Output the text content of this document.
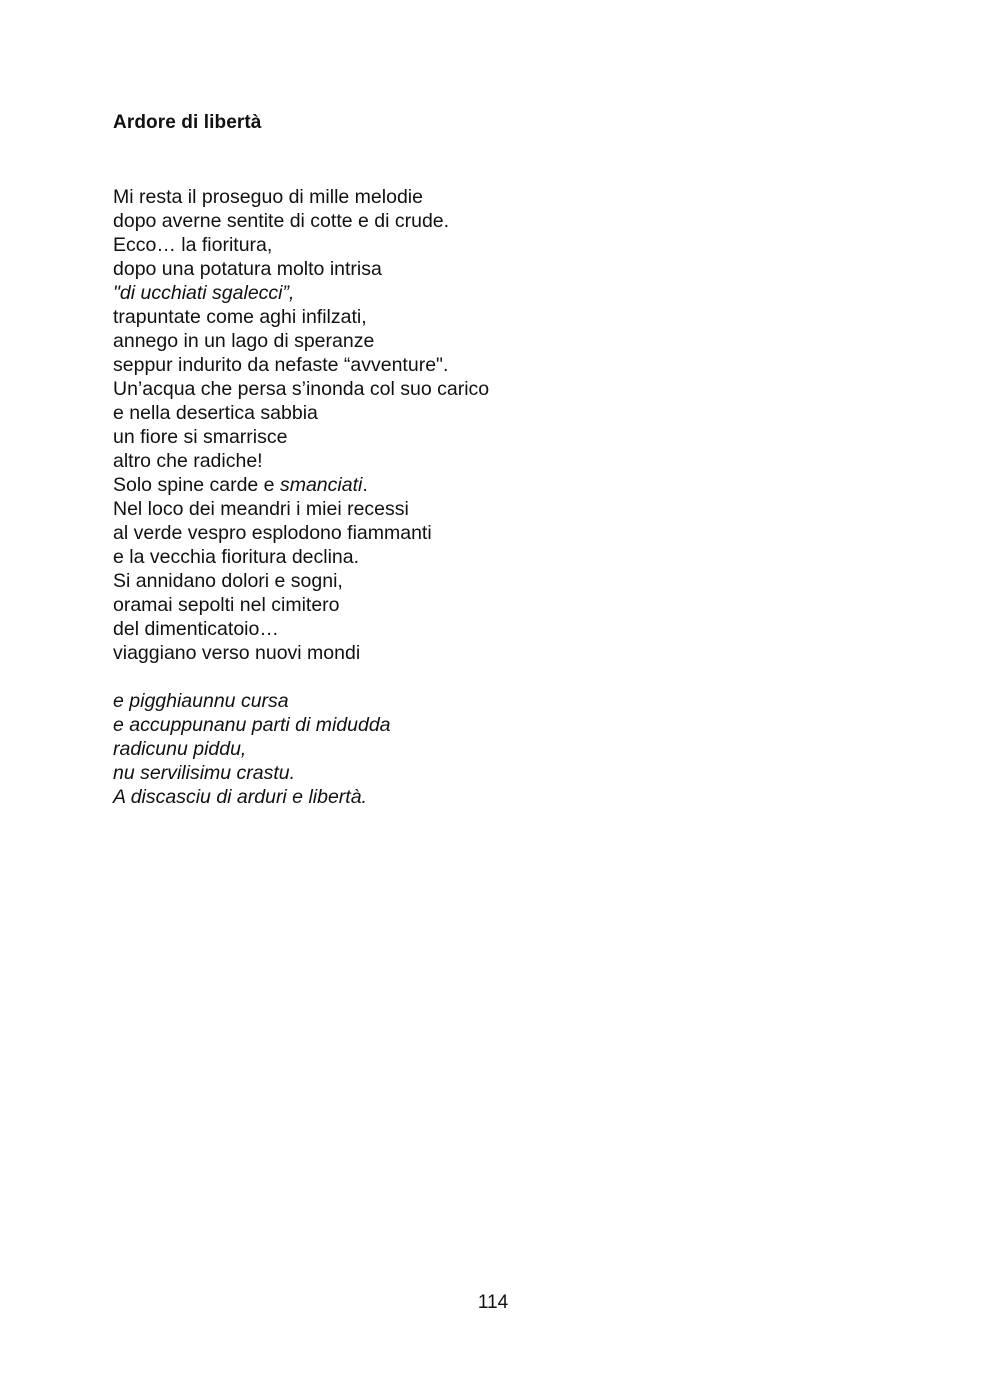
Ardore di libertà
Mi resta il proseguo di mille melodie
dopo averne sentite di cotte e di crude.
Ecco… la fioritura,
dopo una potatura molto intrisa
"di ucchiati sgalecci”,
trapuntate come aghi infilzati,
annego in un lago di speranze
seppur indurito da nefaste “avventure".
Un’acqua che persa s’inonda col suo carico
e nella desertica sabbia
un fiore si smarrisce
altro che radiche!
Solo spine carde e smanciati.
Nel loco dei meandri i miei recessi
al verde vespro esplodono fiammanti
e la vecchia fioritura declina.
Si annidano dolori e sogni,
oramai sepolti nel cimitero
del dimenticatoio…
viaggiano verso nuovi mondi
e pigghiaunnu cursa
e accuppunanu parti di midudda
radicunu piddu,
nu servilisimu crastu.
A discasciu di arduri e libertà.
114
